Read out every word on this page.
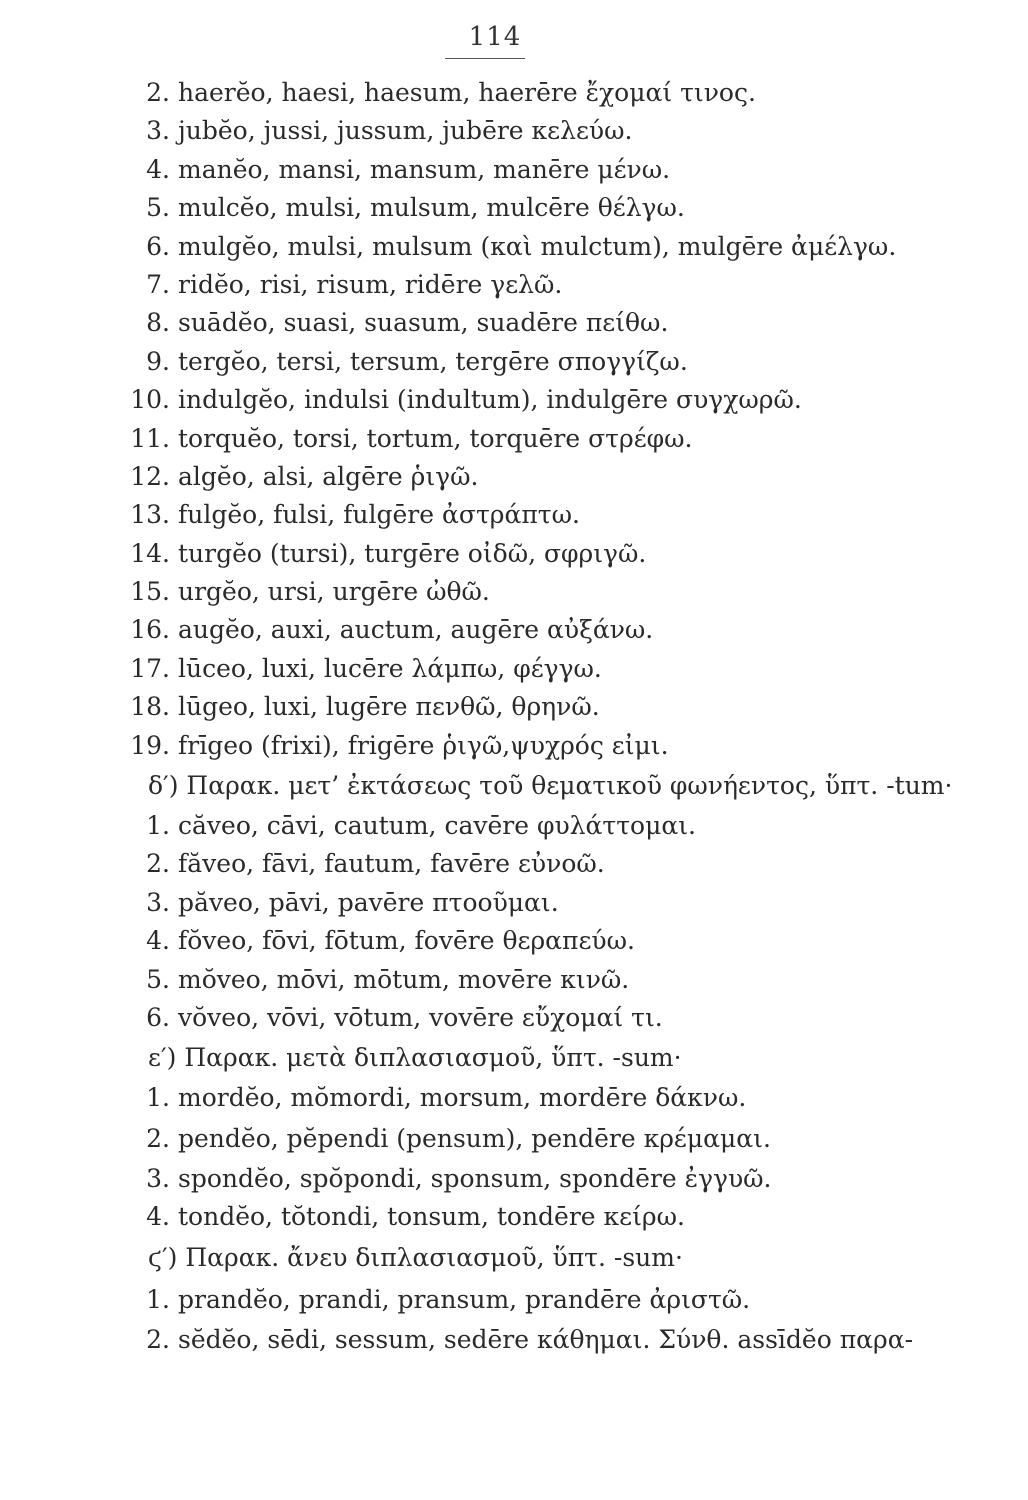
114
2. haerĕo, haesi, haesum, haerēre ἔχομαί τινος.
3. jubĕo, jussi, jussum, jubēre κελεύω.
4. manĕo, mansi, mansum, manēre μένω.
5. mulcĕo, mulsi, mulsum, mulcēre θέλγω.
6. mulgĕo, mulsi, mulsum (καὶ mulctum), mulgēre ἀμέλγω.
7. ridĕo, risi, risum, ridēre γελῶ.
8. suādĕo, suasi, suasum, suadēre πείθω.
9. tergĕo, tersi, tersum, tergēre σπογγίζω.
10. indulgĕo, indulsi (indultum), indulgēre συγχωρῶ.
11. torquĕo, torsi, tortum, torquēre στρέφω.
12. algĕo, alsi, algēre ῥιγῶ.
13. fulgĕo, fulsi, fulgēre ἀστράπτω.
14. turgĕo (tursi), turgēre οἰδῶ, σφριγῶ.
15. urgĕo, ursi, urgēre ὠθῶ.
16. augĕo, auxi, auctum, augēre αὐξάνω.
17. lūceo, luxi, lucēre λάμπω, φέγγω.
18. lūgeo, luxi, lugēre πενθῶ, θρηνῶ.
19. frīgeo (frixi), frigēre ῥιγῶ,ψυχρός εἰμι.
δ′) Παρακ. μετ’ ἐκτάσεως τοῦ θεματικοῦ φωνήεντος, ὕπτ. -tum·
1. căveo, cāvi, cautum, cavēre φυλάττομαι.
2. făveo, fāvi, fautum, favēre εὐνοῶ.
3. păveo, pāvi, pavēre πτοοῦμαι.
4. fŏveo, fōvi, fōtum, fovēre θεραπεύω.
5. mŏveo, mōvi, mōtum, movēre κινῶ.
6. vŏveo, vōvi, vōtum, vovēre εὔχομαί τι.
ε′) Παρακ. μετὰ διπλασιασμοῦ, ὕπτ. -sum·
1. mordĕo, mŏmordi, morsum, mordēre δάκνω.
2. pendĕo, pĕpendi (pensum), pendēre κρέμαμαι.
3. spondĕo, spŏpondi, sponsum, spondēre ἐγγυῶ.
4. tondĕo, tŏtondi, tonsum, tondēre κείρω.
ϛ′) Παρακ. ἄνευ διπλασιασμοῦ, ὕπτ. -sum·
1. prandĕo, prandi, pransum, prandēre ἀριστῶ.
2. sĕdĕo, sēdi, sessum, sedēre κάθημαι. Σύνθ. assīdĕo παρα-
